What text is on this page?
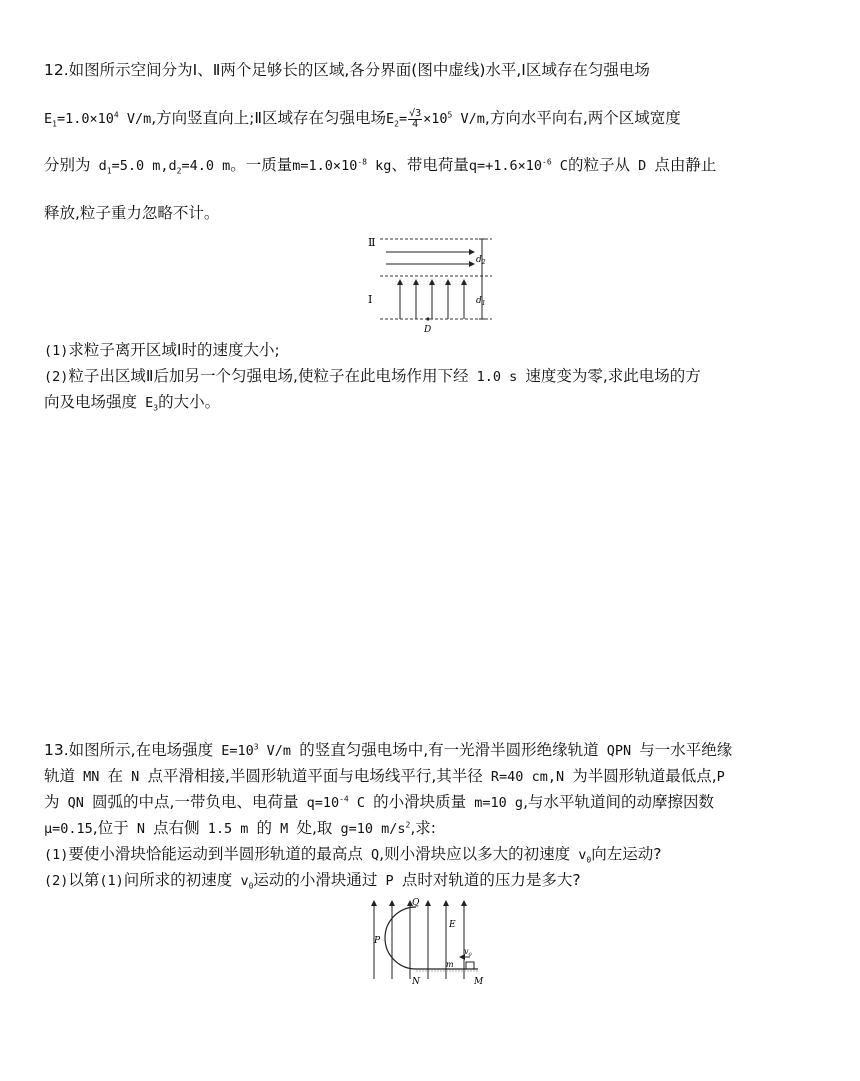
12.如图所示空间分为Ⅰ、Ⅱ两个足够长的区域,各分界面(图中虚线)水平,Ⅰ区域存在匀强电场
$E_1=1.0\times 10^4$ V/m,方向竖直向上;Ⅱ区域存在匀强电场$E_2= \frac{√3}{4} \times 10^5$ V/m,方向水平向右,两个区域宽度
分别为 $d_1=5.0$ $m,d_2=4.0$ m。一质量$m=1.0\times 10^{-8}$ kg、带电荷量$q=+1.6\times 10^{-6}$ C的粒子从 D 点由静止
释放,粒子重力忽略不计。
Ⅱ
Ⅰ
$d_2$
$d_1$
D
(1)求粒子离开区域Ⅰ时的速度大小;
(2)粒子出区域Ⅱ后加另一个匀强电场,使粒子在此电场作用下经 1.0 s 速度变为零,求此电场的方
向及电场强度 $E_3$的大小。
13.如图所示,在电场强度 $E=10^3$ V/m 的竖直匀强电场中,有一光滑半圆形绝缘轨道 QPN 与一水平绝缘
轨道 MN 在 N 点平滑相接,半圆形轨道平面与电场线平行,其半径 R=40 cm,N 为半圆形轨道最低点,P
为 QN 圆弧的中点,一带负电、电荷量 $q=10^{-4}$ C 的小滑块质量 m=10 g,与水平轨道间的动摩擦因数
μ=0.15,位于 N 点右侧 1.5 m 的 M 处,取 g=10 $m/s^2$,求:
(1)要使小滑块恰能运动到半圆形轨道的最高点 Q,则小滑块应以多大的初速度 $v_0$向左运动?
(2)以第(1)问所求的初速度 $v_0$运动的小滑块通过 P 点时对轨道的压力是多大?
Q
P
E
$v_0$
m
N	M
